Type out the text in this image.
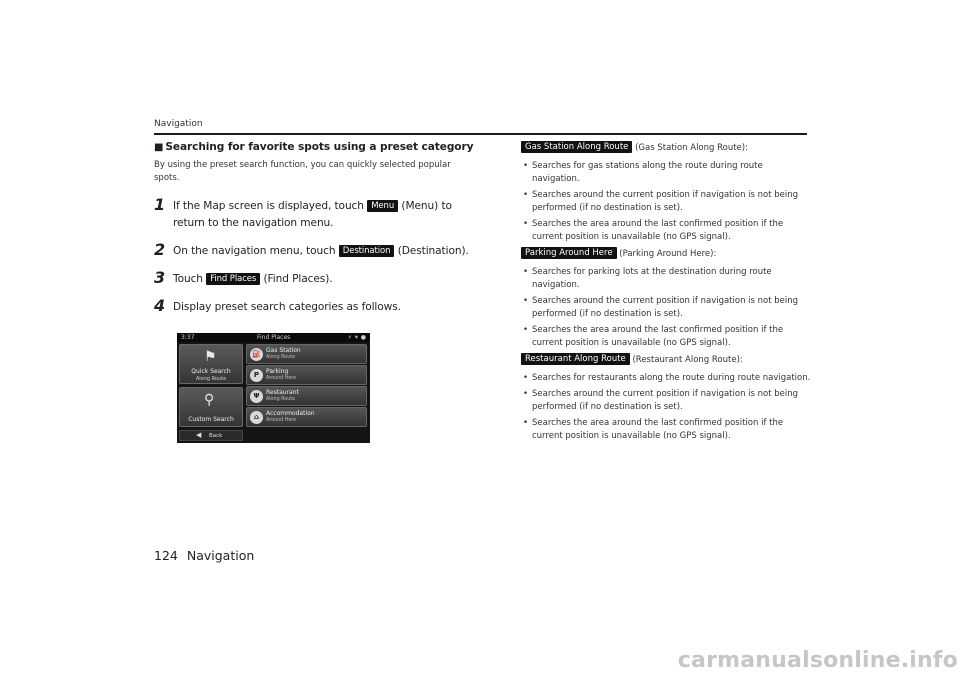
Navigation
■ Searching for favorite spots using a preset category
By using the preset search function, you can quickly selected popular spots.
1 If the Map screen is displayed, touch Menu (Menu) to return to the navigation menu.
2 On the navigation menu, touch Destination (Destination).
3 Touch Find Places (Find Places).
4 Display preset search categories as follows.
3:37	Find Places	⚡ ✶ ●
⚑
Quick Search
Along Route
⚲
Custom Search
⛽ Gas Station
Along Route
P	Parking
Around Here
Ψ	Restaurant
Along Route
⌂	Accommodation
Around Here
◀ Back
Gas Station Along Route (Gas Station Along Route):
• Searches for gas stations along the route during route navigation.
• Searches around the current position if navigation is not being performed (if no destination is set).
• Searches the area around the last confirmed position if the current position is unavailable (no GPS signal).
Parking Around Here (Parking Around Here):
• Searches for parking lots at the destination during route navigation.
• Searches around the current position if navigation is not being performed (if no destination is set).
• Searches the area around the last confirmed position if the current position is unavailable (no GPS signal).
Restaurant Along Route (Restaurant Along Route):
• Searches for restaurants along the route during route navigation.
• Searches around the current position if navigation is not being performed (if no destination is set).
• Searches the area around the last confirmed position if the current position is unavailable (no GPS signal).
124 Navigation
carmanualsonline.info
